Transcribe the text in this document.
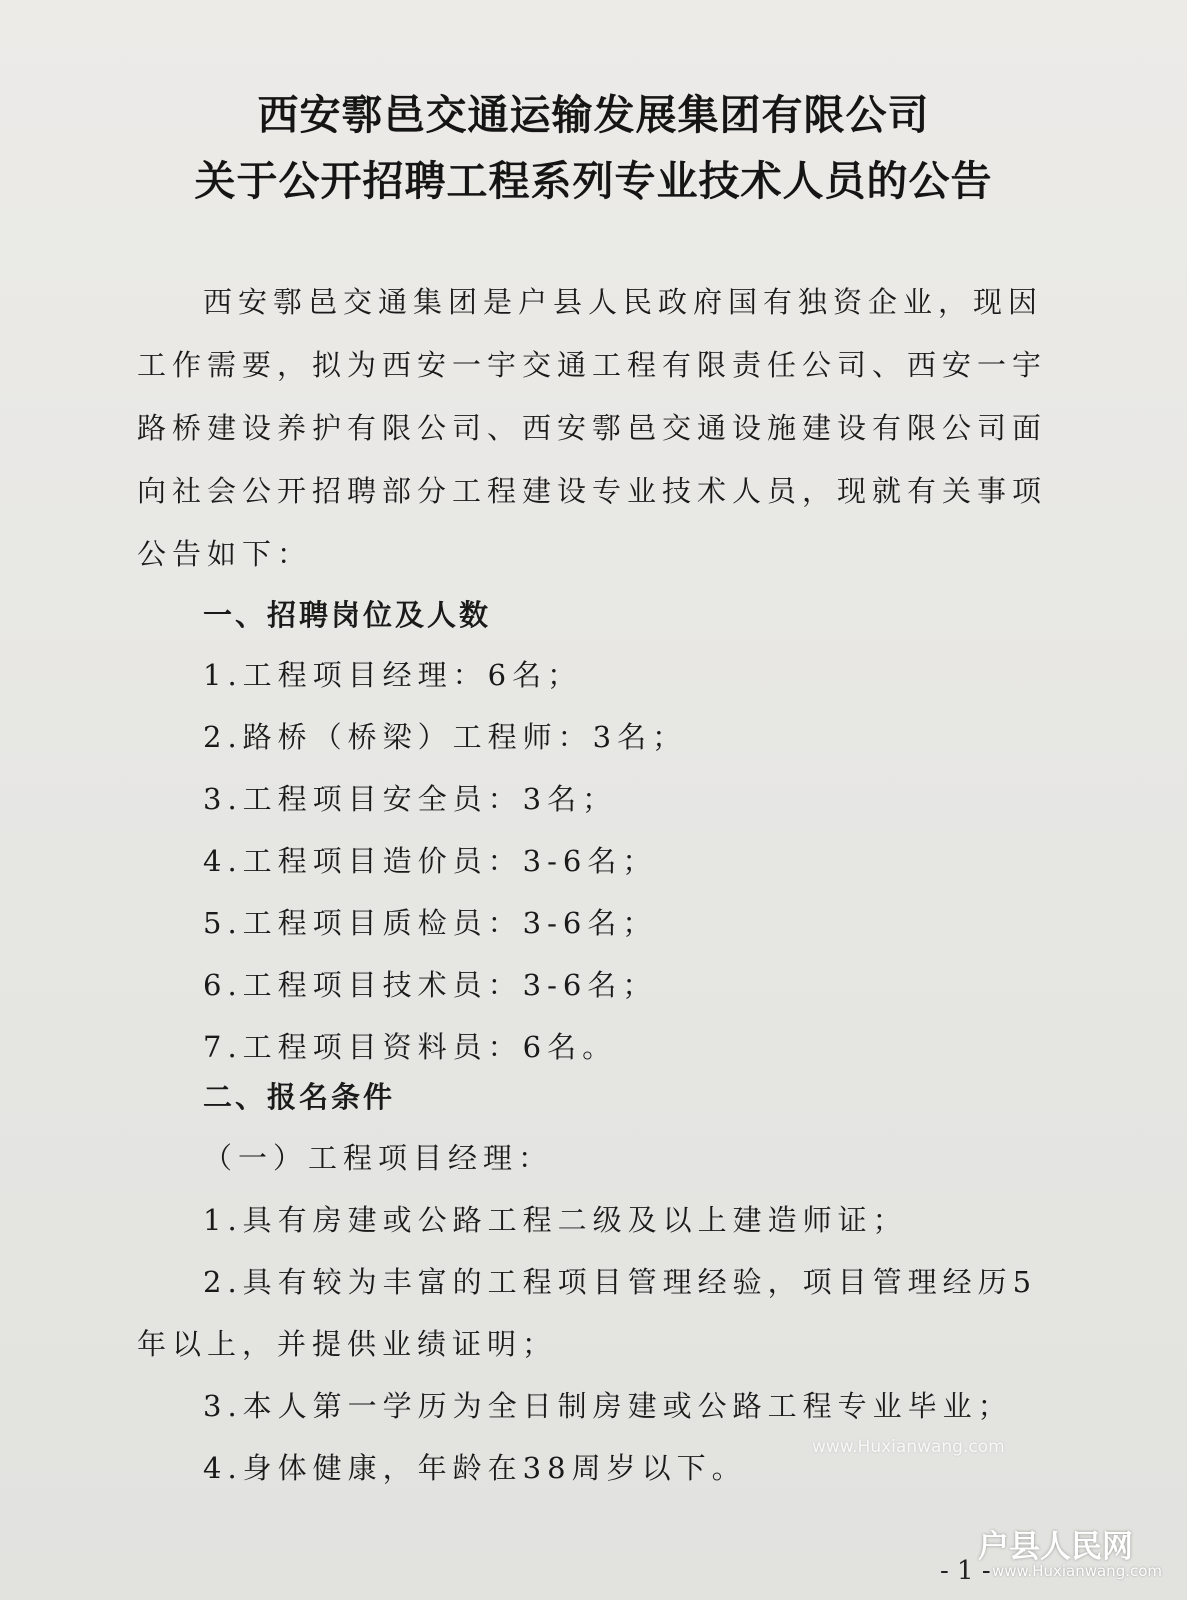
西安鄠邑交通运输发展集团有限公司
关于公开招聘工程系列专业技术人员的公告
西安鄠邑交通集团是户县人民政府国有独资企业，现因
工作需要，拟为西安一宇交通工程有限责任公司、西安一宇
路桥建设养护有限公司、西安鄠邑交通设施建设有限公司面
向社会公开招聘部分工程建设专业技术人员，现就有关事项
公告如下：
一、招聘岗位及人数
1.工程项目经理：6名；
2.路桥（桥梁）工程师：3名；
3.工程项目安全员：3名；
4.工程项目造价员：3-6名；
5.工程项目质检员：3-6名；
6.工程项目技术员：3-6名；
7.工程项目资料员：6名。
二、报名条件
（一）工程项目经理：
1.具有房建或公路工程二级及以上建造师证；
2.具有较为丰富的工程项目管理经验，项目管理经历5
年以上，并提供业绩证明；
3.本人第一学历为全日制房建或公路工程专业毕业；
4.身体健康，年龄在38周岁以下。
www.Huxianwang.com
- 1 -
户县人民网
www.Huxianwang.com
